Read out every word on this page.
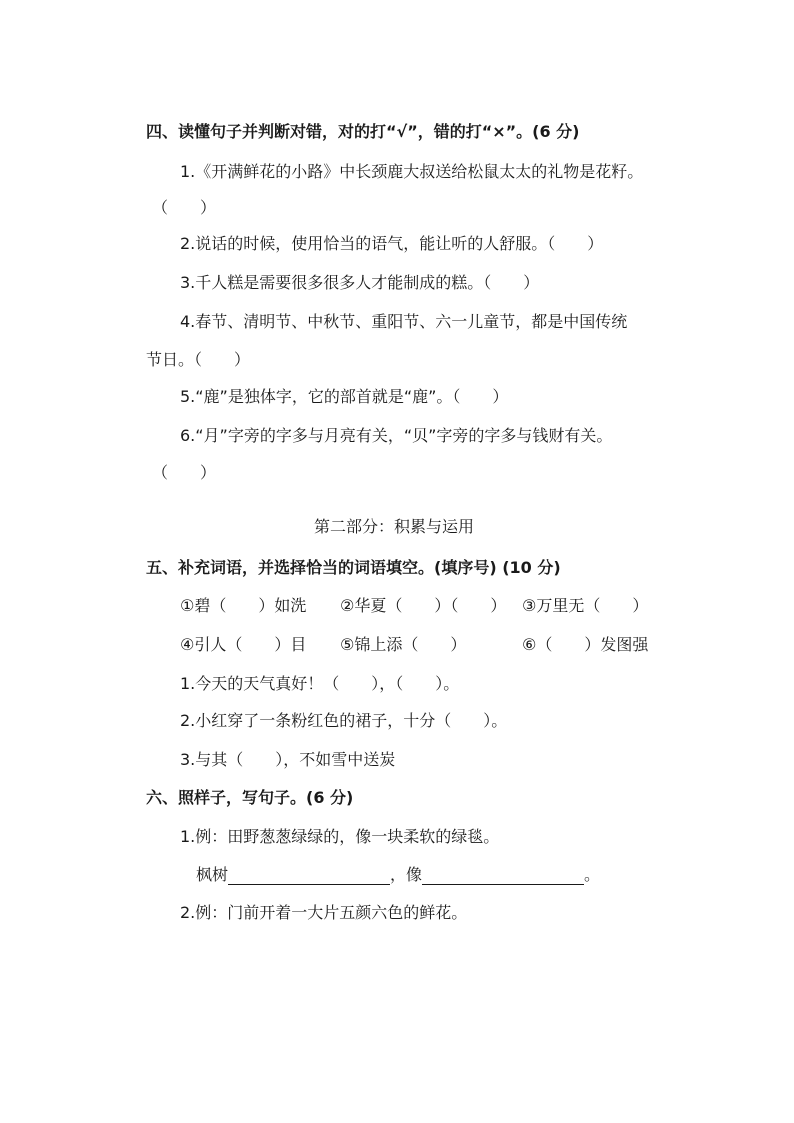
四、读懂句子并判断对错，对的打“√”，错的打“×”。(6 分)
1.《开满鲜花的小路》中长颈鹿大叔送给松鼠太太的礼物是花籽。
（　　）
2.说话的时候，使用恰当的语气，能让听的人舒服。（　　）
3.千人糕是需要很多很多人才能制成的糕。（　　）
4.春节、清明节、中秋节、重阳节、六一儿童节，都是中国传统
节日。（　　）
5.“鹿”是独体字，它的部首就是“鹿”。（　　）
6.“月”字旁的字多与月亮有关，“贝”字旁的字多与钱财有关。
（　　）
第二部分：积累与运用
五、补充词语，并选择恰当的词语填空。(填序号) (10 分)
①碧（　　）如洗 ②华夏（　　）（　　） ③万里无（　　）
④引人（　　）目 ⑤锦上添（　　）	⑥（　　）发图强
1.今天的天气真好！（　　），（　　）。
2.小红穿了一条粉红色的裙子，十分（　　）。
3.与其（　　），不如雪中送炭
六、照样子，写句子。(6 分)
1.例：田野葱葱绿绿的，像一块柔软的绿毯。
枫树	，像	。
2.例：门前开着一大片五颜六色的鲜花。
